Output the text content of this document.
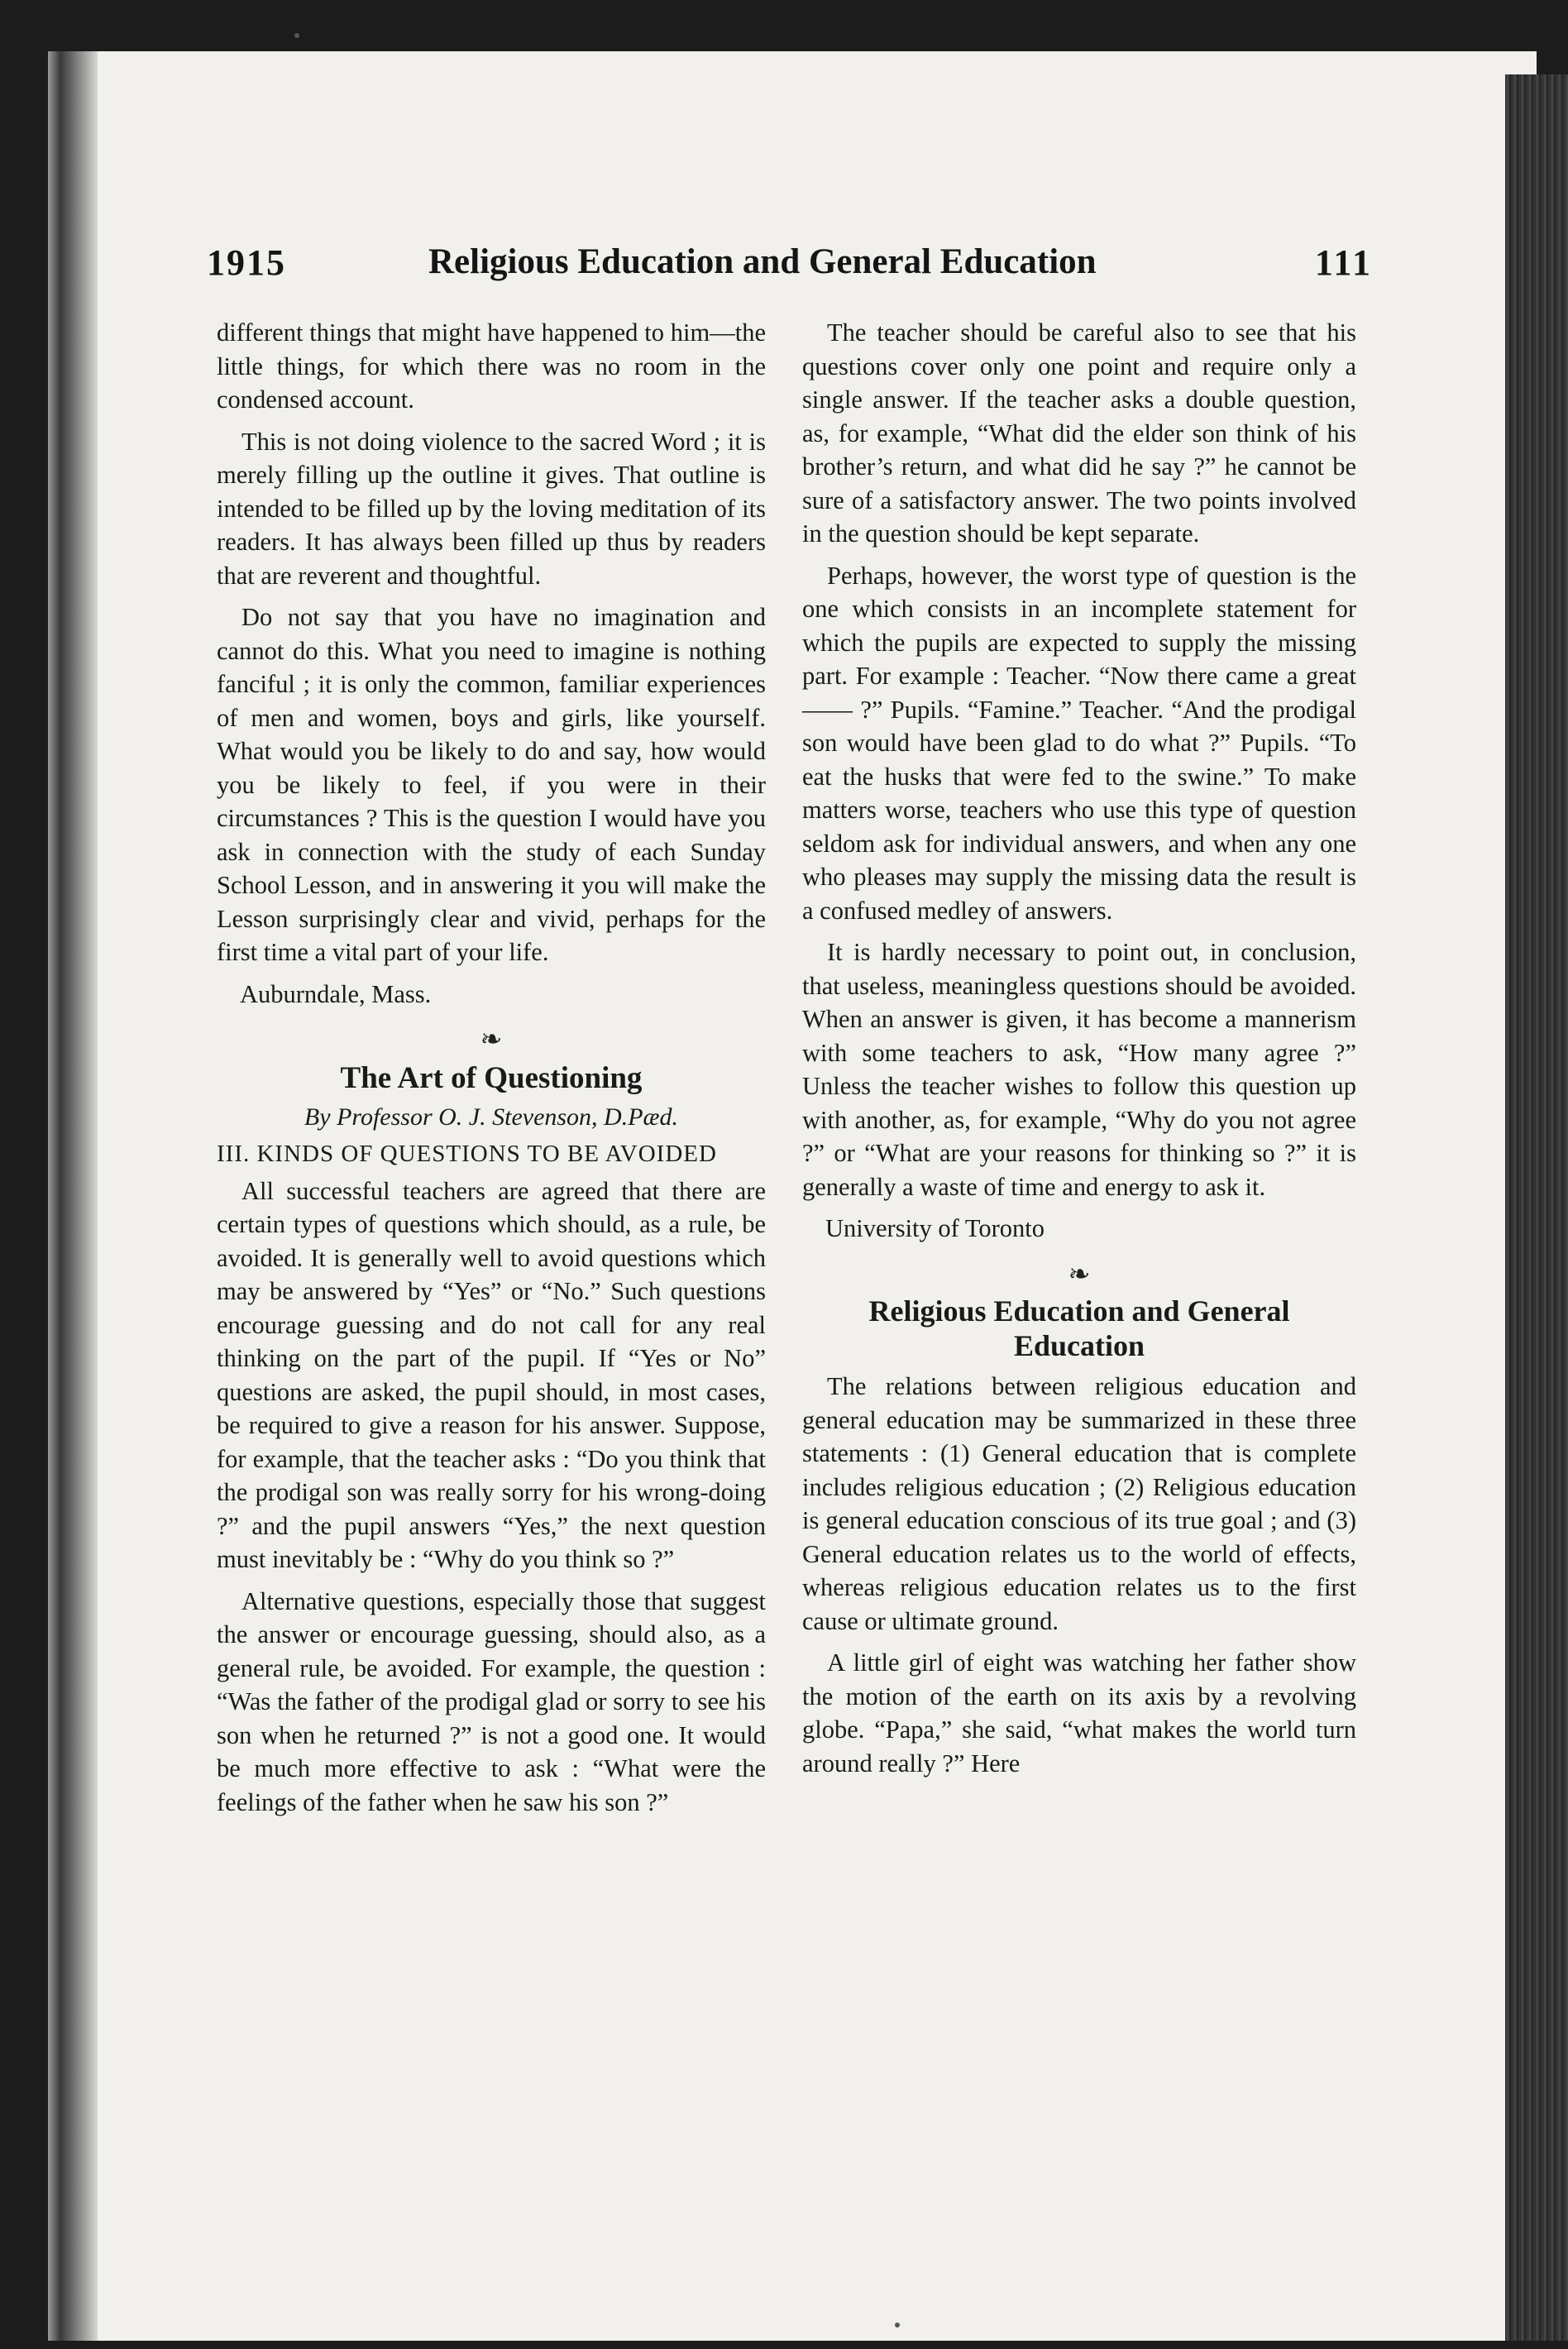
1915	Religious Education and General Education	111

different things that might have happened to him—the little things, for which there was no room in the condensed account.

This is not doing violence to the sacred Word ; it is merely filling up the outline it gives. That outline is intended to be filled up by the loving meditation of its readers. It has always been filled up thus by readers that are reverent and thoughtful.

Do not say that you have no imagination and cannot do this. What you need to imagine is nothing fanciful ; it is only the common, familiar experiences of men and women, boys and girls, like yourself. What would you be likely to do and say, how would you be likely to feel, if you were in their circumstances ? This is the question I would have you ask in connection with the study of each Sunday School Lesson, and in answering it you will make the Lesson surprisingly clear and vivid, perhaps for the first time a vital part of your life.

Auburndale, Mass.

❧
The Art of Questioning
By Professor O. J. Stevenson, D.Pæd.
III. KINDS OF QUESTIONS TO BE AVOIDED

All successful teachers are agreed that there are certain types of questions which should, as a rule, be avoided. It is generally well to avoid questions which may be answered by “Yes” or “No.” Such questions encourage guessing and do not call for any real thinking on the part of the pupil. If “Yes or No” questions are asked, the pupil should, in most cases, be required to give a reason for his answer. Suppose, for example, that the teacher asks : “Do you think that the prodigal son was really sorry for his wrong-doing ?” and the pupil answers “Yes,” the next question must inevitably be : “Why do you think so ?”

Alternative questions, especially those that suggest the answer or encourage guessing, should also, as a general rule, be avoided. For example, the question : “Was the father of the prodigal glad or sorry to see his son when he returned ?” is not a good one. It would be much more effective to ask : “What were the feelings of the father when he saw his son ?”

The teacher should be careful also to see that his questions cover only one point and require only a single answer. If the teacher asks a double question, as, for example, “What did the elder son think of his brother’s return, and what did he say ?” he cannot be sure of a satisfactory answer. The two points involved in the question should be kept separate.

Perhaps, however, the worst type of question is the one which consists in an incomplete statement for which the pupils are expected to supply the missing part. For example : Teacher. “Now there came a great —— ?” Pupils. “Famine.” Teacher. “And the prodigal son would have been glad to do what ?” Pupils. “To eat the husks that were fed to the swine.” To make matters worse, teachers who use this type of question seldom ask for individual answers, and when any one who pleases may supply the missing data the result is a confused medley of answers.

It is hardly necessary to point out, in conclusion, that useless, meaningless questions should be avoided. When an answer is given, it has become a mannerism with some teachers to ask, “How many agree ?” Unless the teacher wishes to follow this question up with another, as, for example, “Why do you not agree ?” or “What are your reasons for thinking so ?” it is generally a waste of time and energy to ask it.

University of Toronto

❧
Religious Education and General
Education

The relations between religious education and general education may be summarized in these three statements : (1) General education that is complete includes religious education ; (2) Religious education is general education conscious of its true goal ; and (3) General education relates us to the world of effects, whereas religious education relates us to the first cause or ultimate ground.

A little girl of eight was watching her father show the motion of the earth on its axis by a revolving globe. “Papa,” she said, “what makes the world turn around really ?” Here
